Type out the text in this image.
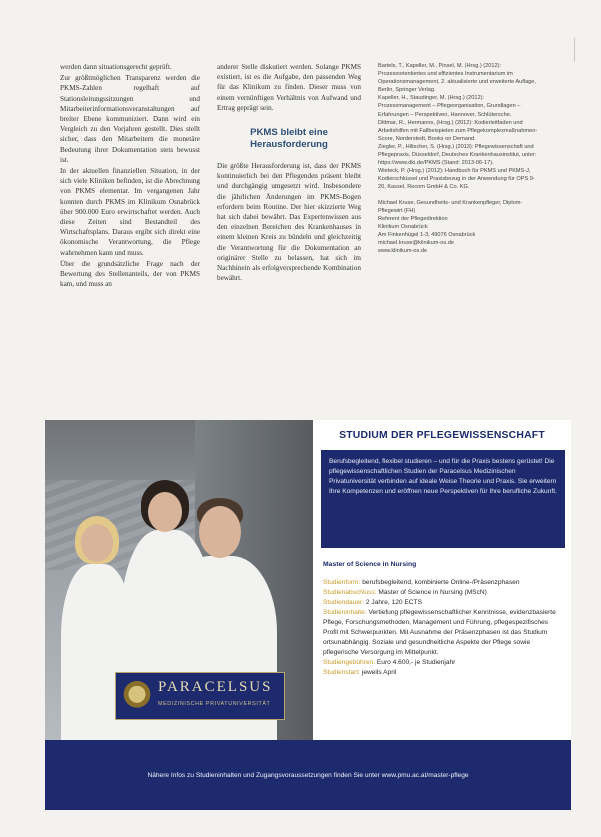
werden dann situationsgerecht geprüft.

Zur größtmöglichen Transparenz werden die PKMS-Zahlen regelhaft auf Stationsleitungssitzungen und Mitarbeiterinformationsveranstaltungen auf breiter Ebene kommuniziert. Dann wird ein Vergleich zu den Vorjahren gestellt. Dies stellt sicher, dass den Mitarbeitern die monetäre Bedeutung ihrer Dokumentation stets bewusst ist.

In der aktuellen finanziellen Situation, in der sich viele Kliniken befinden, ist die Abrechnung von PKMS elementar. Im vergangenen Jahr konnten durch PKMS im Klinikum Osnabrück über 900.000 Euro erwirtschaftet werden. Auch diese Zeiten sind Bestandteil des Wirtschaftsplans. Daraus ergibt sich direkt eine ökonomische Verantwortung, die Pflege wahrnehmen kann und muss.

Über die grundsätzliche Frage nach der Bewertung des Stellenanteils, der von PKMS kam, und muss an

anderer Stelle diskutiert werden. Solange PKMS existiert, ist es die Aufgabe, den passenden Weg für das Klinikum zu finden. Dieser muss von einem vernünftigen Verhältnis von Aufwand und Ertrag geprägt sein.

PKMS bleibt eine
Herausforderung

Die größte Herausforderung ist, dass der PKMS kontinuierlich bei den Pflegenden präsent bleibt und durchgängig umgesetzt wird. Insbesondere die jährlichen Änderungen im PKMS-Bogen erfordern beim Routine. Der hier skizzierte Weg hat sich dabei bewährt. Das Expertenwissen aus den einzelnen Bereichen des Krankenhauses in einem kleinen Kreis zu bündeln und gleichzeitig die Verantwortung für die Dokumentation an originärer Stelle zu belassen, hat sich im Nachhinein als erfolgversprechende Kombination bewährt.

Bartels, T., Kapeller, M., Pinsel, M. (Hrsg.) (2012): Prozessorientiertes und effizientes Instrumentarium im Operationsmanagement, 2. aktualisierte und erweiterte Auflage, Berlin, Springer Verlag.
Kapeller, H., Staudinger, M. (Hrsg.) (2012): Prozessmanagement – Pflegeorganisation, Grundlagen – Erfahrungen – Perspektiven, Hannover, Schlütersche.
Dittmar, R., Hermanns, (Hrsg.) (2012): Kodierleitfaden und Arbeitshilfen mit Fallbeispielen zum Pflegekomplexmaßnahmen-Score, Norderstedt, Books on Demand.
Ziegler, P., Hiltscher, S. (Hrsg.) (2013): Pflegewissenschaft und Pflegepraxis, Düsseldorf, Deutsches Krankenhausinstitut, unter: https://www.dki.de/PKMS (Stand: 2013-06-17).
Wieteck, P. (Hrsg.) (2012): Handbuch für PKMS und PKMS-J, Kodierschlüssel und Praxisbezug in der Anwendung für OPS 9-20, Kassel, Recom GmbH & Co. KG.
Michael Kruse, Gesundheits- und Krankenpfleger, Diplom-Pflegewirt (FH)
Referent der Pflegedirektion
Klinikum Osnabrück
Am Finkenhügel 1-3, 49076 Osnabrück
michael.kruse@klinikum-os.de
www.klinikum-os.de
PARACELSUS
MEDIZINISCHE PRIVATUNIVERSITÄT
STUDIUM DER PFLEGEWISSENSCHAFT
Berufsbegleitend, flexibel studieren – und für die Praxis bestens gerüstet! Die pflegewissenschaftlichen Studien der Paracelsus Medizinischen Privatuniversität verbinden auf ideale Weise Theorie und Praxis. Sie erweitern Ihre Kompetenzen und eröffnen neue Perspektiven für Ihre berufliche Zukunft.
Master of Science in Nursing
Studienform: berufsbegleitend, kombinierte Online-/Präsenzphasen
Studienabschluss: Master of Science in Nursing (MScN)
Studiendauer: 2 Jahre, 120 ECTS
Studieninhalte: Vertiefung pflegewissenschaftlicher Kenntnisse, evidenzbasierte Pflege, Forschungsmethoden, Management und Führung, pflegespezifisches Profil mit Schwerpunkten. Mit Ausnahme der Präsenzphasen ist das Studium ortsunabhängig. Soziale und gesundheitliche Aspekte der Pflege sowie pflegerische Versorgung im Mittelpunkt.
Studiengebühren: Euro 4.600,- je Studienjahr
Studienstart: jeweils April
Nähere Infos zu Studieninhalten und Zugangsvoraussetzungen finden Sie unter www.pmu.ac.at/master-pflege
